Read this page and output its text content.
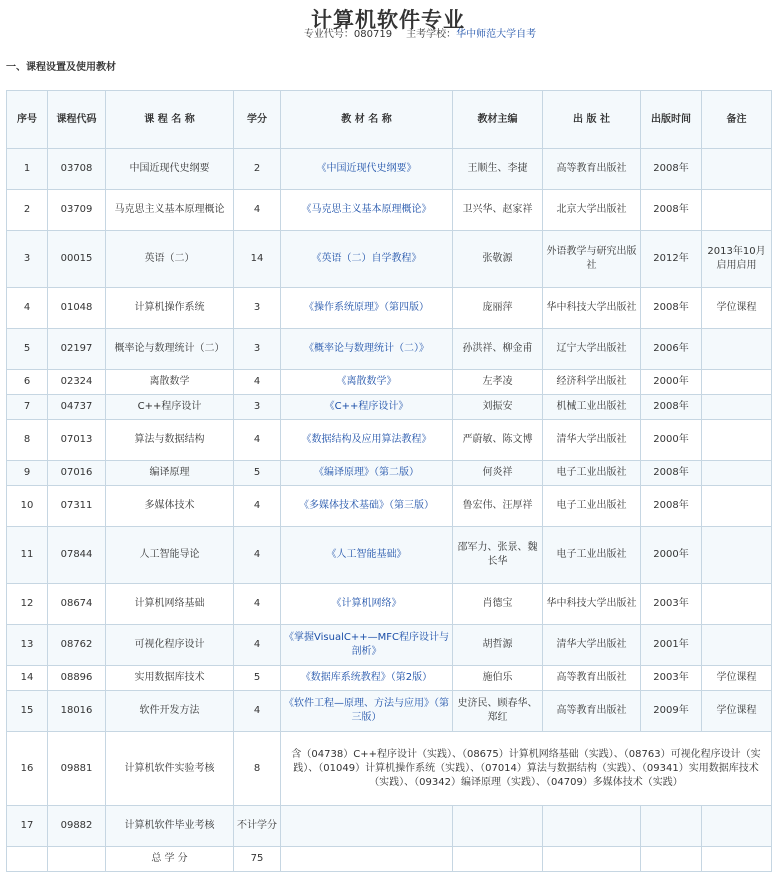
计算机软件专业
专业代号：080719 主考学校：华中师范大学自考
一、课程设置及使用教材
序号	课程代码	课 程 名 称	学分	教 材 名 称	教材主编	出 版 社	出版时间	备注
1	03708	中国近现代史纲要	2	《中国近现代史纲要》	王顺生、李捷	高等教育出版社	2008年	
2	03709	马克思主义基本原理概论	4	《马克思主义基本原理概论》	卫兴华、赵家祥	北京大学出版社	2008年	
3	00015	英语（二）	14	《英语（二）自学教程》	张敬源	外语教学与研究出版社	2012年	2013年10月启用启用
4	01048	计算机操作系统	3	《操作系统原理》（第四版）	庞丽萍	华中科技大学出版社	2008年	学位课程
5	02197	概率论与数理统计（二）	3	《概率论与数理统计（二）》	孙洪祥、柳金甫	辽宁大学出版社	2006年	
6	02324	离散数学	4	《离散数学》	左孝凌	经济科学出版社	2000年	
7	04737	C++程序设计	3	《C++程序设计》	刘振安	机械工业出版社	2008年	
8	07013	算法与数据结构	4	《数据结构及应用算法教程》	严蔚敏、陈文博	清华大学出版社	2000年	
9	07016	编译原理	5	《编译原理》（第二版）	何炎祥	电子工业出版社	2008年	
10	07311	多媒体技术	4	《多媒体技术基础》（第三版）	鲁宏伟、汪厚祥	电子工业出版社	2008年	
11	07844	人工智能导论	4	《人工智能基础》	邵军力、张景、魏长华	电子工业出版社	2000年	
12	08674	计算机网络基础	4	《计算机网络》	肖德宝	华中科技大学出版社	2003年	
13	08762	可视化程序设计	4	《掌握VisualC++—MFC程序设计与剖析》	胡哲源	清华大学出版社	2001年	
14	08896	实用数据库技术	5	《数据库系统教程》（第2版）	施伯乐	高等教育出版社	2003年	学位课程
15	18016	软件开发方法	4	《软件工程—原理、方法与应用》（第三版）	史济民、顾春华、郑红	高等教育出版社	2009年	学位课程
16	09881	计算机软件实验考核	8	含（04738）C++程序设计（实践）、（08675）计算机网络基础（实践）、（08763）可视化程序设计（实践）、（01049）计算机操作系统（实践）、（07014）算法与数据结构（实践）、（09341）实用数据库技术（实践）、（09342）编译原理（实践）、（04709）多媒体技术（实践）				
17	09882	计算机软件毕业考核	不计学分					
		总 学 分	75					
